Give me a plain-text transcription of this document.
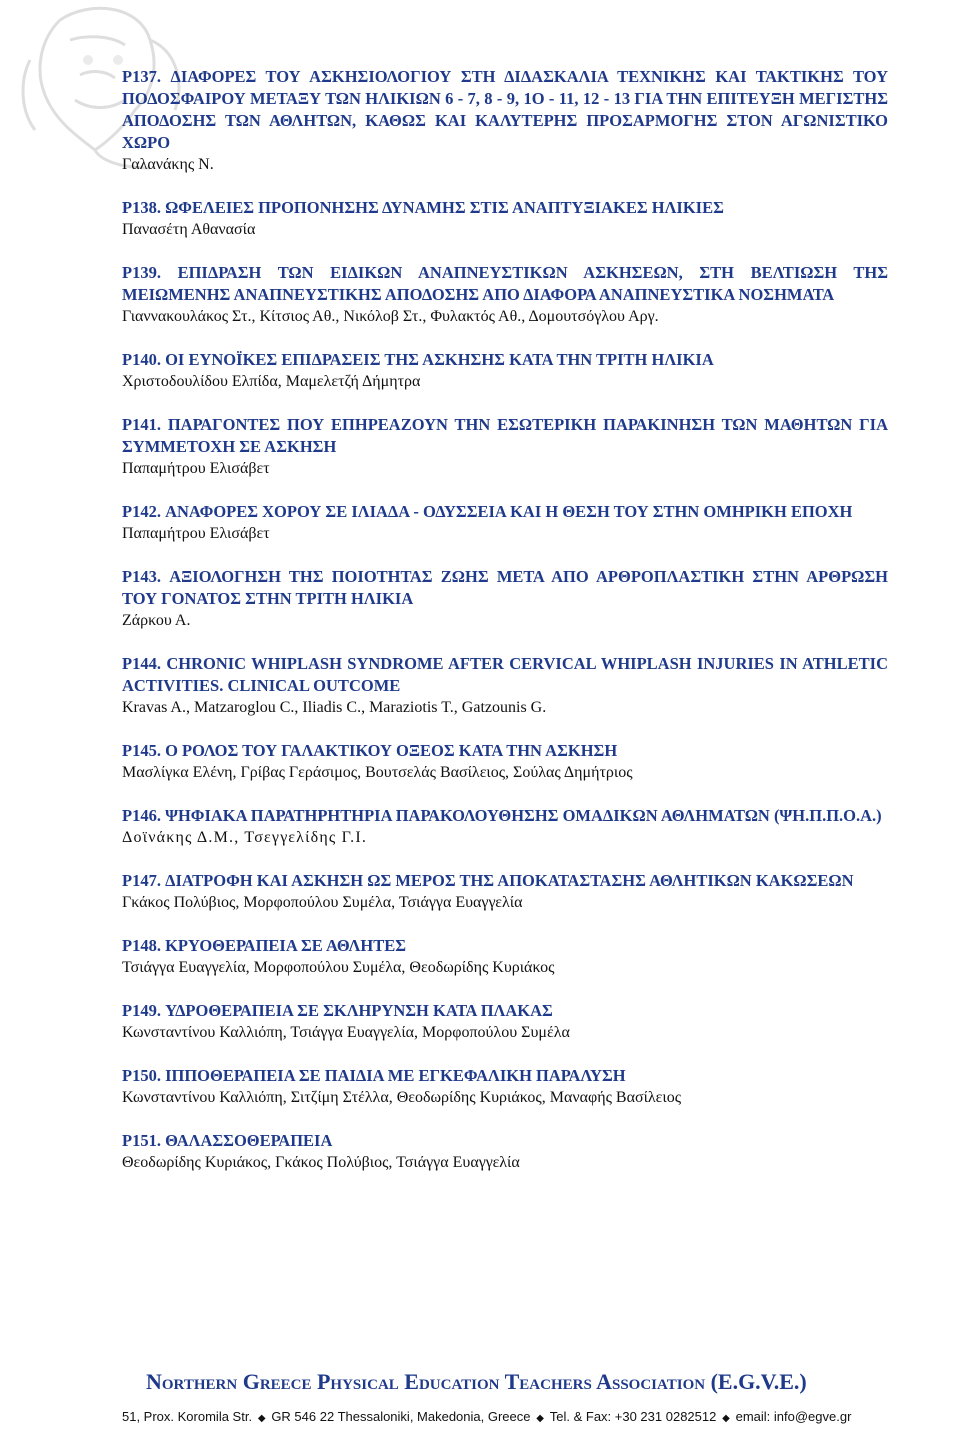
P137. ΔΙΑΦΟΡΕΣ ΤΟΥ ΑΣΚΗΣΙΟΛΟΓΙΟΥ ΣΤΗ ΔΙΔΑΣΚΑΛΙΑ ΤΕΧΝΙΚΗΣ ΚΑΙ ΤΑΚΤΙΚΗΣ ΤΟΥ ΠΟΔΟΣΦΑΙΡΟΥ ΜΕΤΑΞΥ ΤΩΝ ΗΛΙΚΙΩΝ 6 - 7, 8 - 9, 1Ο - 11, 12 - 13 ΓΙΑ ΤΗΝ ΕΠΙΤΕΥΞΗ ΜΕΓΙΣΤΗΣ ΑΠΟΔΟΣΗΣ ΤΩΝ ΑΘΛΗΤΩΝ, ΚΑΘΩΣ ΚΑΙ ΚΑΛΥΤΕΡΗΣ ΠΡΟΣΑΡΜΟΓΗΣ ΣΤΟΝ ΑΓΩΝΙΣΤΙΚΟ ΧΩΡΟ

Γαλανάκης Ν.

P138. ΩΦΕΛΕΙΕΣ ΠΡΟΠΟΝΗΣΗΣ ΔΥΝΑΜΗΣ ΣΤΙΣ ΑΝΑΠΤΥΞΙΑΚΕΣ ΗΛΙΚΙΕΣ

Πανασέτη Αθανασία

P139. ΕΠΙΔΡΑΣΗ ΤΩΝ ΕΙΔΙΚΩΝ ΑΝΑΠΝΕΥΣΤΙΚΩΝ ΑΣΚΗΣΕΩΝ, ΣΤΗ ΒΕΛΤΙΩΣΗ ΤΗΣ ΜΕΙΩΜΕΝΗΣ ΑΝΑΠΝΕΥΣΤΙΚΗΣ ΑΠΟΔΟΣΗΣ ΑΠΟ ΔΙΑΦΟΡΑ ΑΝΑΠΝΕΥΣΤΙΚΑ ΝΟΣΗΜΑΤΑ

Γιαννακουλάκος Στ., Κίτσιος Αθ., Νικόλοβ Στ., Φυλακτός Αθ., Δομουτσόγλου Αργ.

P140. ΟΙ ΕΥΝΟΪΚΕΣ ΕΠΙΔΡΑΣΕΙΣ ΤΗΣ ΑΣΚΗΣΗΣ ΚΑΤΑ ΤΗΝ ΤΡΙΤΗ ΗΛΙΚΙΑ

Χριστοδουλίδου Ελπίδα, Μαμελετζή Δήμητρα

P141. ΠΑΡΑΓΟΝΤΕΣ ΠΟΥ ΕΠΗΡΕΑΖΟΥΝ ΤΗΝ ΕΣΩΤΕΡΙΚΗ ΠΑΡΑΚΙΝΗΣΗ ΤΩΝ ΜΑΘΗΤΩΝ ΓΙΑ ΣΥΜΜΕΤΟΧΗ ΣΕ ΑΣΚΗΣΗ

Παπαμήτρου Ελισάβετ

P142. ΑΝΑΦΟΡΕΣ ΧΟΡΟΥ ΣΕ ΙΛΙΑΔΑ - ΟΔΥΣΣΕΙΑ ΚΑΙ Η ΘΕΣΗ ΤΟΥ ΣΤΗΝ ΟΜΗΡΙΚΗ ΕΠΟΧΗ

Παπαμήτρου Ελισάβετ

P143. ΑΞΙΟΛΟΓΗΣΗ ΤΗΣ ΠΟΙΟΤΗΤΑΣ ΖΩΗΣ ΜΕΤΑ ΑΠΟ ΑΡΘΡΟΠΛΑΣΤΙΚΗ ΣΤΗΝ ΑΡΘΡΩΣΗ ΤΟΥ ΓΟΝΑΤΟΣ ΣΤΗΝ ΤΡΙΤΗ ΗΛΙΚΙΑ

Ζάρκου Α.

P144. CHRONIC WHIPLASH SYNDROME AFTER CERVICAL WHIPLASH INJURIES IN ATHLETIC ACTIVITIES. CLINICAL OUTCOME

Kravas A., Matzaroglou C., Iliadis C., Maraziotis T., Gatzounis G.

P145. Ο ΡΟΛΟΣ ΤΟΥ ΓΑΛΑΚΤΙΚΟΥ ΟΞΕΟΣ ΚΑΤΑ ΤΗΝ ΑΣΚΗΣΗ

Μασλίγκα Ελένη, Γρίβας Γεράσιμος, Βουτσελάς Βασίλειος, Σούλας Δημήτριος

P146. ΨΗΦΙΑΚΑ ΠΑΡΑΤΗΡΗΤΗΡΙΑ ΠΑΡΑΚΟΛΟΥΘΗΣΗΣ ΟΜΑΔΙΚΩΝ ΑΘΛΗΜΑΤΩΝ (ΨΗ.Π.Π.Ο.Α.)

Δοϊνάκης Δ.Μ., Τσεγγελίδης Γ.Ι.

P147. ΔΙΑΤΡΟΦΗ ΚΑΙ ΑΣΚΗΣΗ ΩΣ ΜΕΡΟΣ ΤΗΣ ΑΠΟΚΑΤΑΣΤΑΣΗΣ ΑΘΛΗΤΙΚΩΝ ΚΑΚΩΣΕΩΝ

Γκάκος Πολύβιος, Μορφοπούλου Συμέλα, Τσιάγγα Ευαγγελία

P148. ΚΡΥΟΘΕΡΑΠΕΙΑ ΣΕ ΑΘΛΗΤΕΣ

Τσιάγγα Ευαγγελία, Μορφοπούλου Συμέλα, Θεοδωρίδης Κυριάκος

P149. ΥΔΡΟΘΕΡΑΠΕΙΑ ΣΕ ΣΚΛΗΡΥΝΣΗ ΚΑΤΑ ΠΛΑΚΑΣ

Κωνσταντίνου Καλλιόπη, Τσιάγγα Ευαγγελία, Μορφοπούλου Συμέλα

P150. ΙΠΠΟΘΕΡΑΠΕΙΑ ΣΕ ΠΑΙΔΙΑ ΜΕ ΕΓΚΕΦΑΛΙΚΗ ΠΑΡΑΛΥΣΗ

Κωνσταντίνου Καλλιόπη, Σιτζίμη Στέλλα, Θεοδωρίδης Κυριάκος, Μαναφής Βασίλειος

P151. ΘΑΛΑΣΣΟΘΕΡΑΠΕΙΑ

Θεοδωρίδης Κυριάκος, Γκάκος Πολύβιος, Τσιάγγα Ευαγγελία

Northern Greece Physical Education Teachers Association (E.G.V.E.)
51, Prox. Koromila Str. ◆ GR 546 22 Thessaloniki, Makedonia, Greece ◆ Tel. & Fax: +30 231 0282512 ◆ email: info@egve.gr
